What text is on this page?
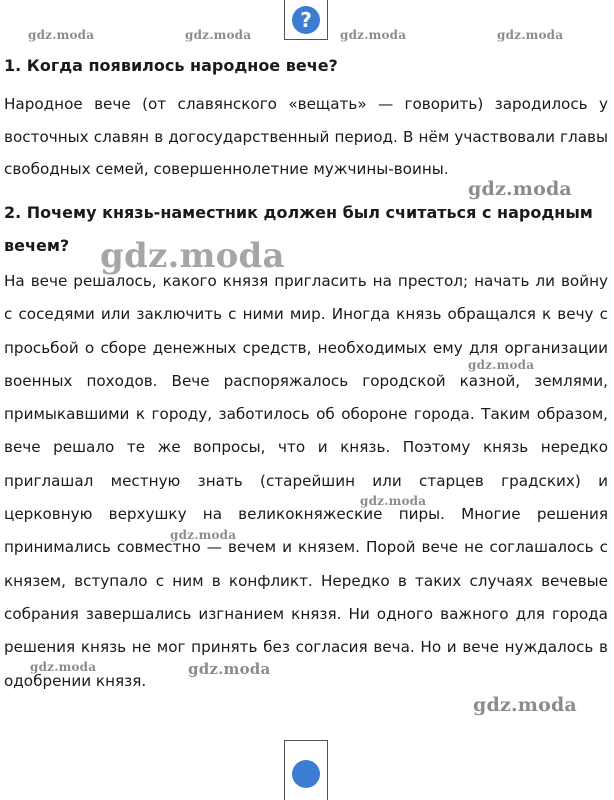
gdz.moda	gdz.moda	gdz.moda	gdz.moda
?
1. Когда появилось народное вече?

Народное вече (от славянского «вещать» — говорить) зародилось у восточных славян в догосударственный период. В нём участвовали главы свободных семей, совершеннолетние мужчины-воины.

2. Почему князь-наместник должен был считаться с народным вечем?

На вече решалось, какого князя пригласить на престол; начать ли войну с соседями или заключить с ними мир. Иногда князь обращался к вечу с просьбой о сборе денежных средств, необходимых ему для организации военных походов. Вече распоряжалось городской казной, землями, примыкавшими к городу, заботилось об обороне города. Таким образом, вече решало те же вопросы, что и князь. Поэтому князь нередко приглашал местную знать (старейшин или старцев градских) и церковную верхушку на великокняжеские пиры. Многие решения принимались совместно — вечем и князем. Порой вече не соглашалось с князем, вступало с ним в конфликт. Нередко в таких случаях вечевые собрания завершались изгнанием князя. Ни одного важного для города решения князь не мог принять без согласия веча. Но и вече нуждалось в одобрении князя.

gdz.moda
gdz.moda
gdz.moda
gdz.moda
gdz.moda
gdz.moda	gdz.moda
gdz.moda
